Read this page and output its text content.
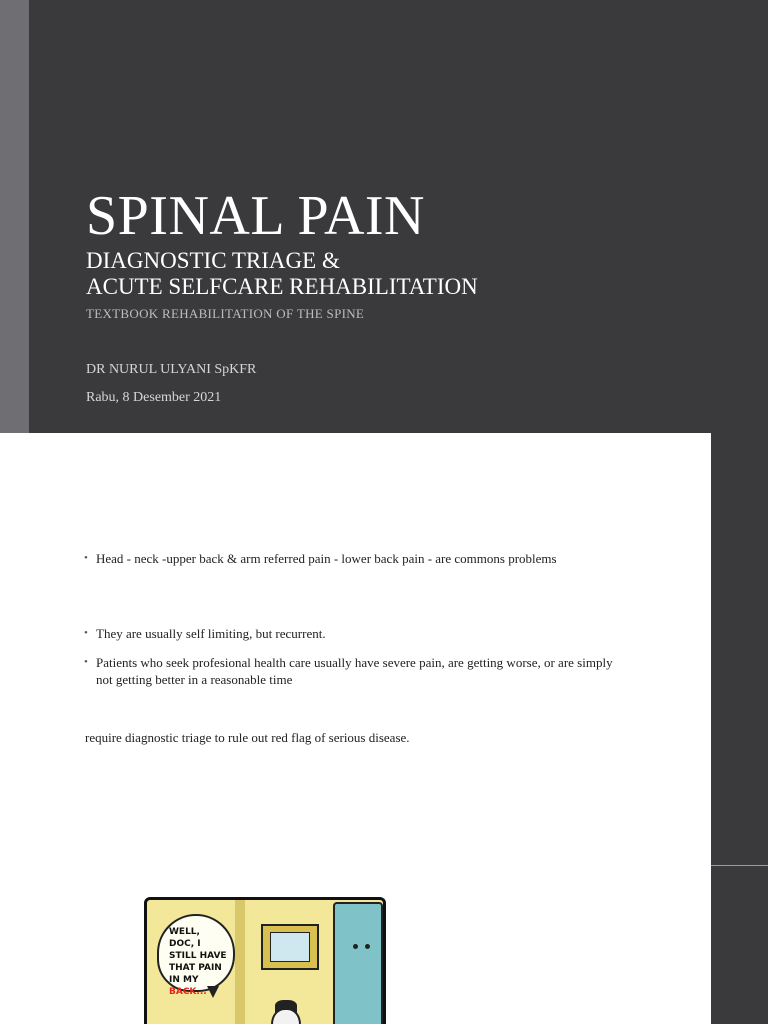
SPINAL PAIN
DIAGNOSTIC TRIAGE &
ACUTE SELFCARE REHABILITATION
TEXTBOOK REHABILITATION OF THE SPINE
DR NURUL ULYANI SpKFR
Rabu, 8 Desember 2021
• Head - neck -upper back & arm referred pain - lower back pain - are commons problems
• They are usually self limiting, but recurrent.
• Patients who seek profesional health care usually have severe pain, are getting worse, or are simply not getting better in a reasonable time
require diagnostic triage to rule out red flag of serious disease.
WELL, DOC, I STILL HAVE THAT PAIN IN MY BACK...
